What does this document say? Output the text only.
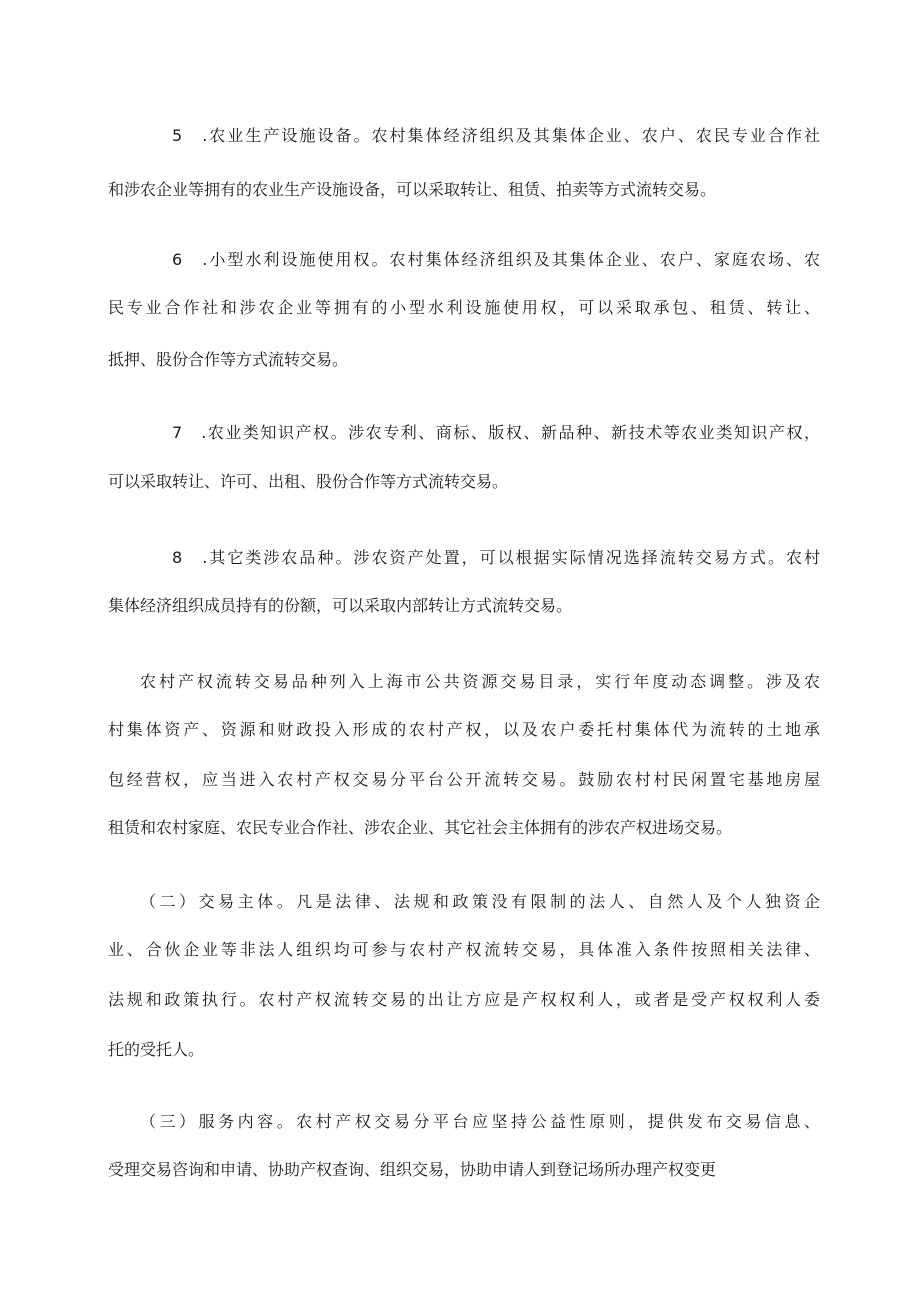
5　.农业生产设施设备。农村集体经济组织及其集体企业、农户、农民专业合作社
和涉农企业等拥有的农业生产设施设备，可以采取转让、租赁、拍卖等方式流转交易。
6　.小型水利设施使用权。农村集体经济组织及其集体企业、农户、家庭农场、农
民专业合作社和涉农企业等拥有的小型水利设施使用权，可以采取承包、租赁、转让、
抵押、股份合作等方式流转交易。
7　.农业类知识产权。涉农专利、商标、版权、新品种、新技术等农业类知识产权，
可以采取转让、许可、出租、股份合作等方式流转交易。
8　.其它类涉农品种。涉农资产处置，可以根据实际情况选择流转交易方式。农村
集体经济组织成员持有的份额，可以采取内部转让方式流转交易。
农村产权流转交易品种列入上海市公共资源交易目录，实行年度动态调整。涉及农
村集体资产、资源和财政投入形成的农村产权，以及农户委托村集体代为流转的土地承
包经营权，应当进入农村产权交易分平台公开流转交易。鼓励农村村民闲置宅基地房屋
租赁和农村家庭、农民专业合作社、涉农企业、其它社会主体拥有的涉农产权进场交易。
（二）交易主体。凡是法律、法规和政策没有限制的法人、自然人及个人独资企
业、合伙企业等非法人组织均可参与农村产权流转交易，具体准入条件按照相关法律、
法规和政策执行。农村产权流转交易的出让方应是产权权利人，或者是受产权权利人委
托的受托人。
（三）服务内容。农村产权交易分平台应坚持公益性原则，提供发布交易信息、
受理交易咨询和申请、协助产权查询、组织交易，协助申请人到登记场所办理产权变更
